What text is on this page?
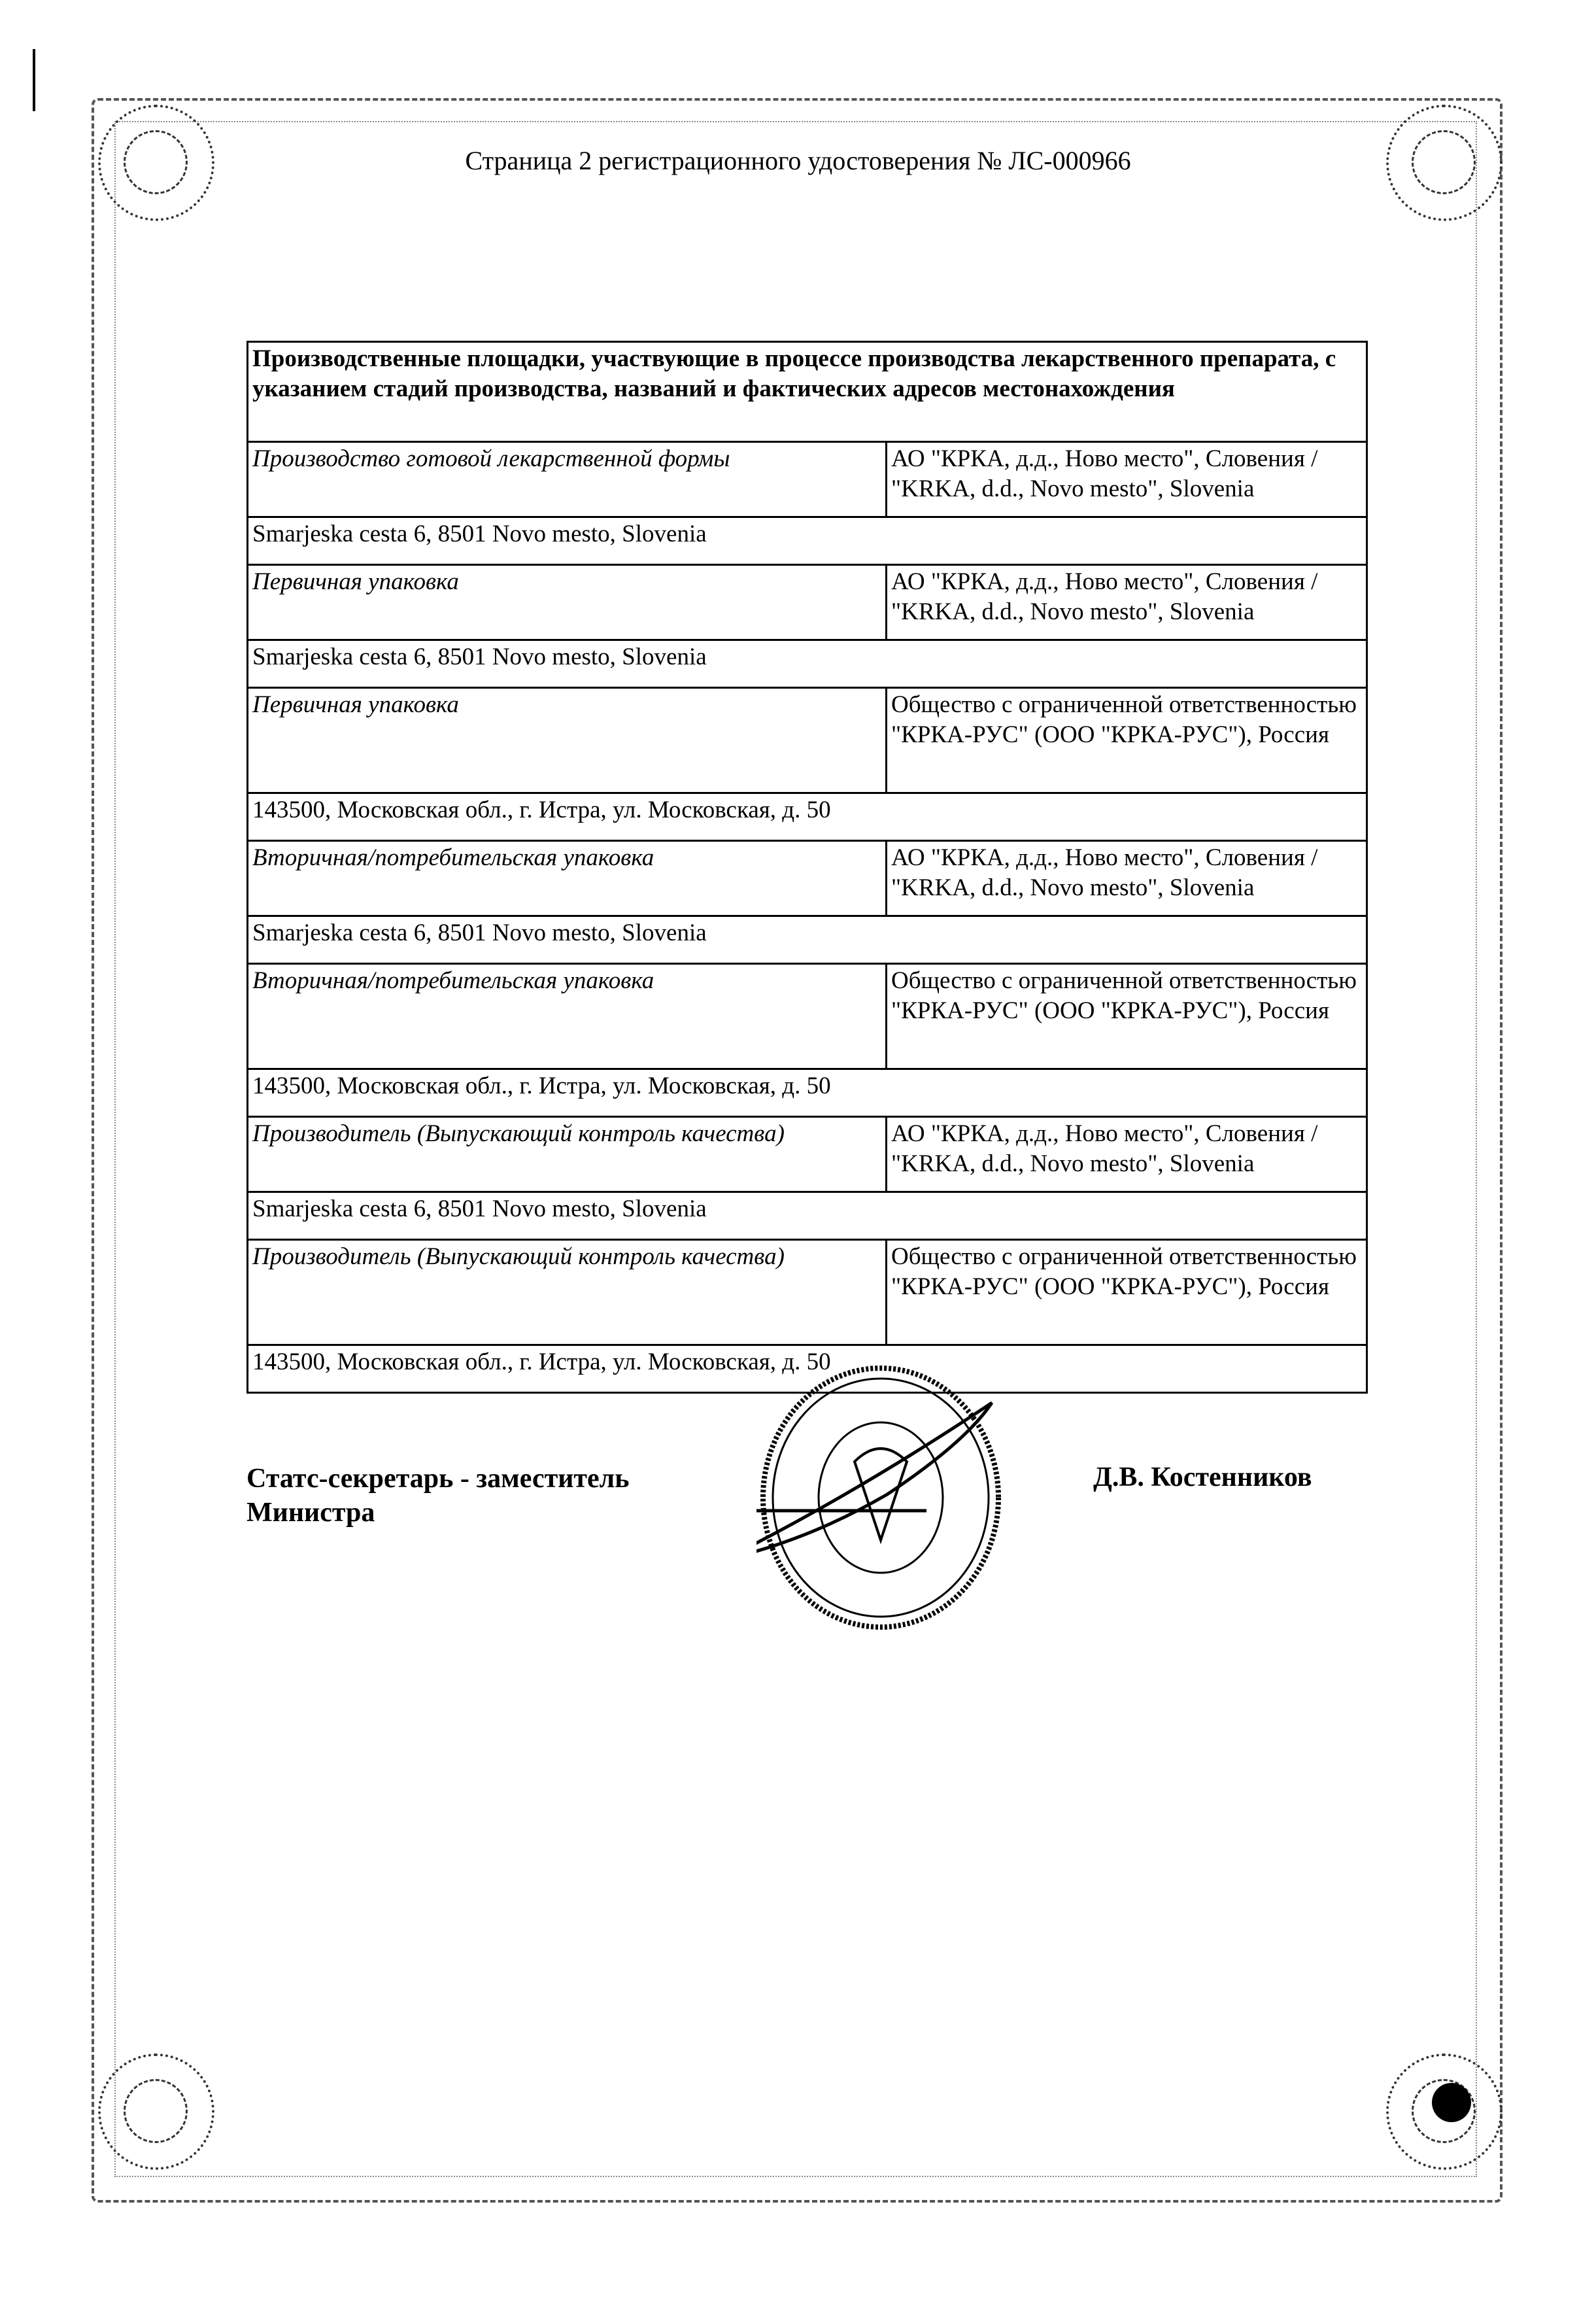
Страница 2 регистрационного удостоверения № ЛС-000966
Производственные площадки, участвующие в процессе производства лекарственного препарата, с указанием стадий производства, названий и фактических адресов местонахождения	
Производство готовой лекарственной формы	АО "КРКА, д.д., Ново место", Словения / "KRKA, d.d., Novo mesto", Slovenia
Smarjeska cesta 6, 8501 Novo mesto, Slovenia	
Первичная упаковка	АО "КРКА, д.д., Ново место", Словения / "KRKA, d.d., Novo mesto", Slovenia
Smarjeska cesta 6, 8501 Novo mesto, Slovenia	
Первичная упаковка	Общество с ограниченной ответственностью "КРКА-РУС" (ООО "КРКА-РУС"), Россия
143500, Московская обл., г. Истра, ул. Московская, д. 50	
Вторичная/потребительская упаковка	АО "КРКА, д.д., Ново место", Словения / "KRKA, d.d., Novo mesto", Slovenia
Smarjeska cesta 6, 8501 Novo mesto, Slovenia	
Вторичная/потребительская упаковка	Общество с ограниченной ответственностью "КРКА-РУС" (ООО "КРКА-РУС"), Россия
143500, Московская обл., г. Истра, ул. Московская, д. 50	
Производитель (Выпускающий контроль качества)	АО "КРКА, д.д., Ново место", Словения / "KRKA, d.d., Novo mesto", Slovenia
Smarjeska cesta 6, 8501 Novo mesto, Slovenia	
Производитель (Выпускающий контроль качества)	Общество с ограниченной ответственностью "КРКА-РУС" (ООО "КРКА-РУС"), Россия
143500, Московская обл., г. Истра, ул. Московская, д. 50	
Статс-секретарь - заместитель Министра
Д.В. Костенников
